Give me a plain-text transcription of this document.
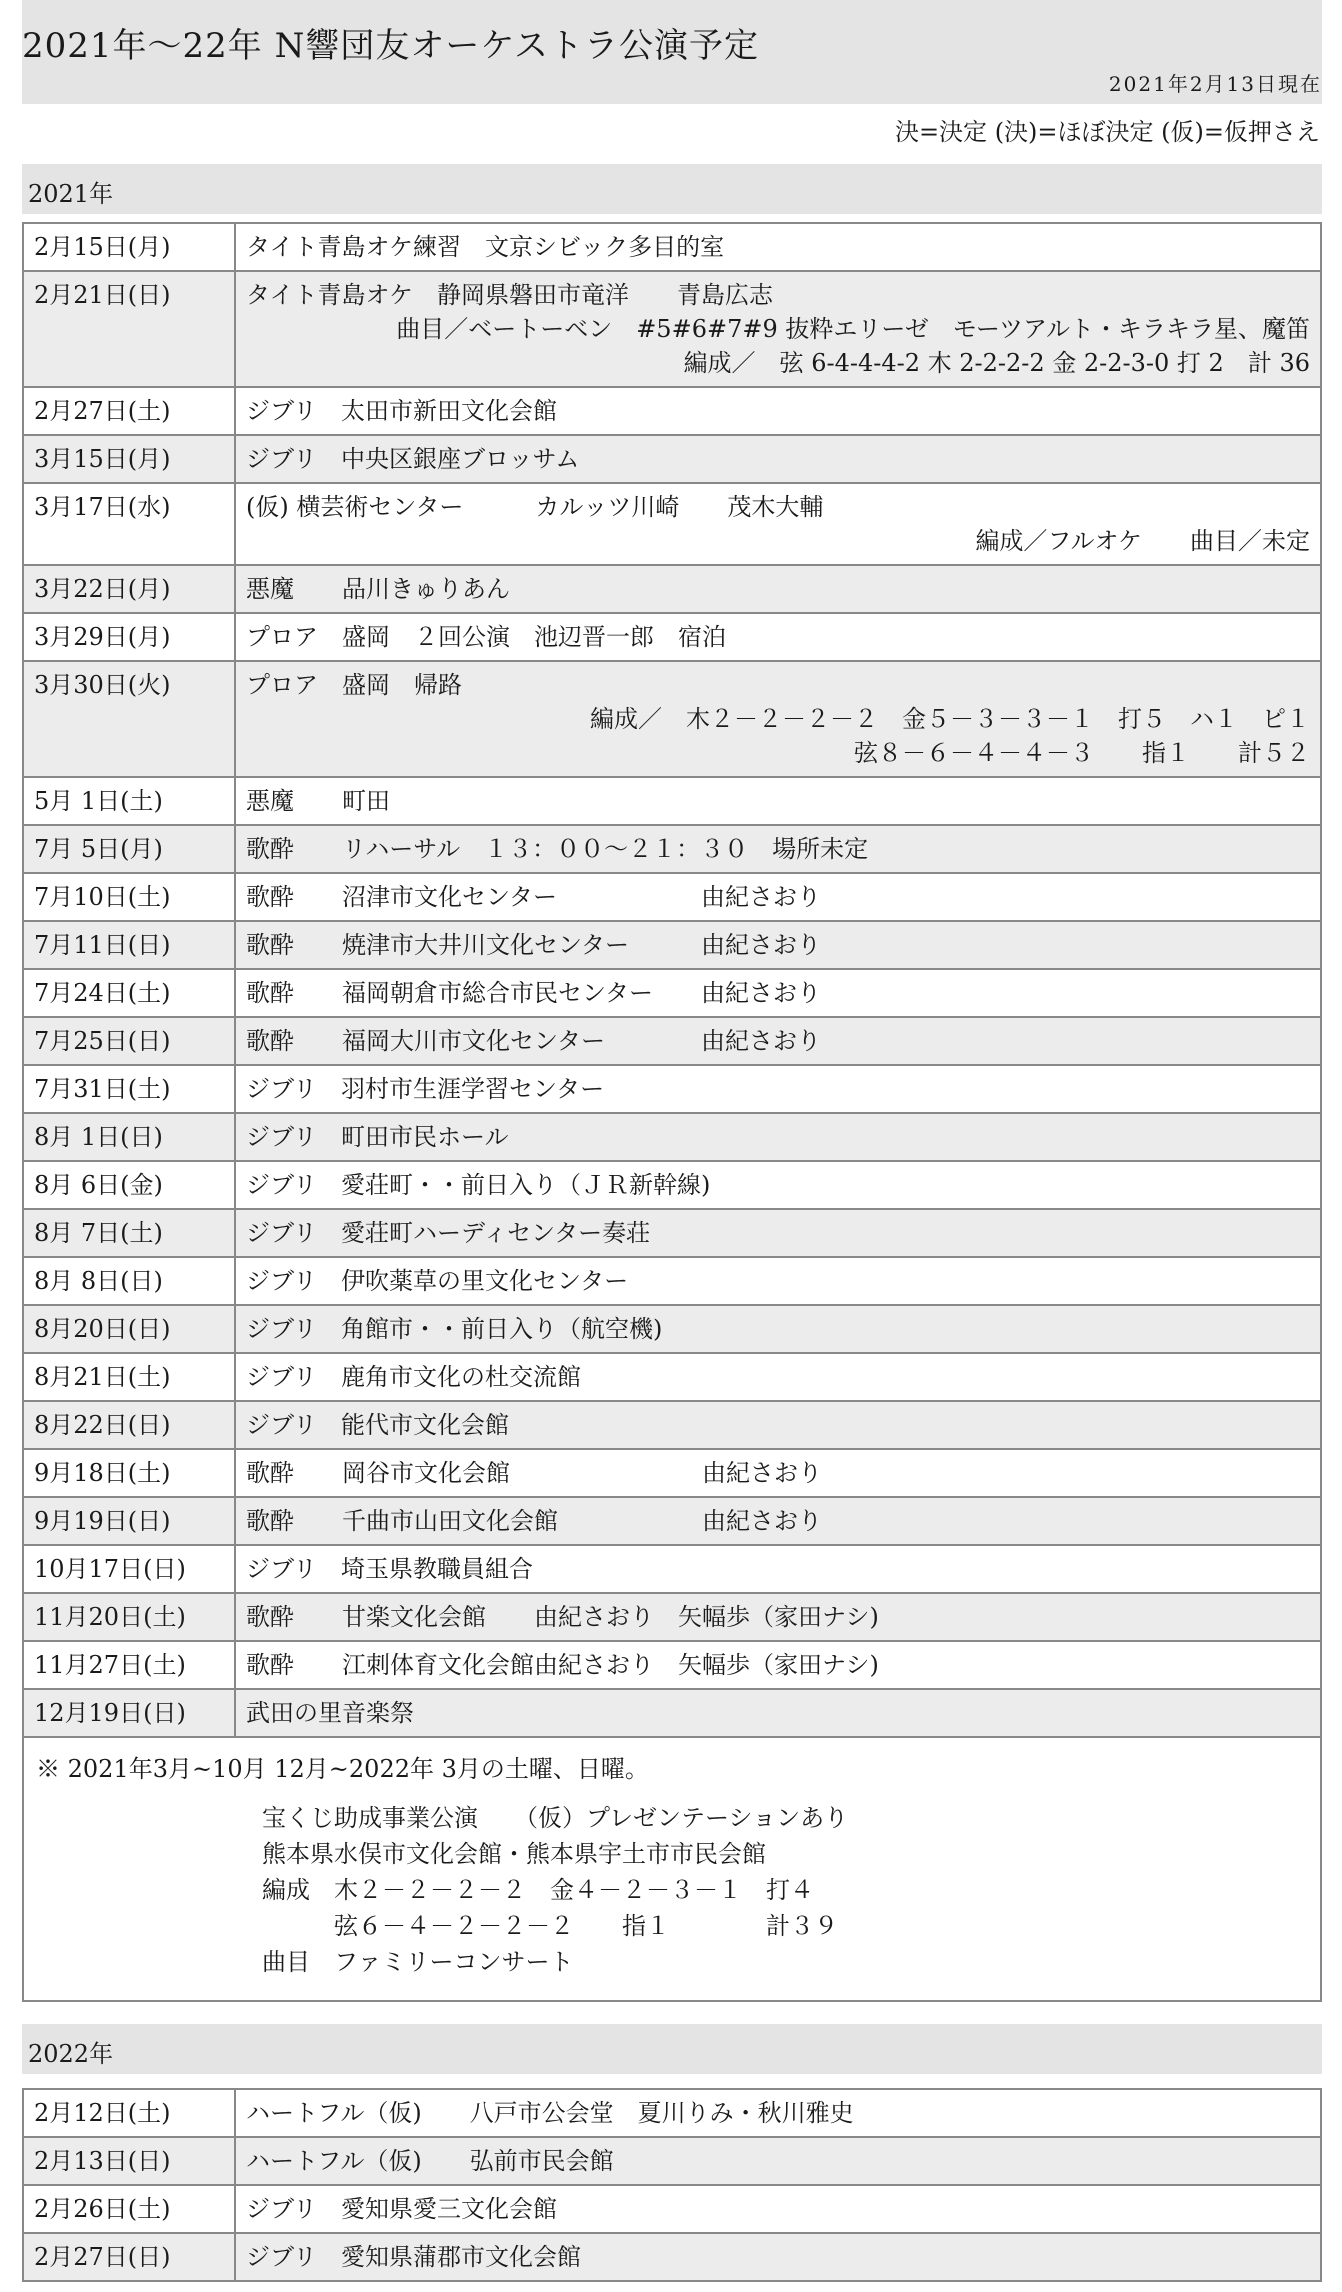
2021年〜22年 N響団友オーケストラ公演予定
2021年2月13日現在
決=決定 (決)=ほぼ決定 (仮)=仮押さえ
2021年
2月15日(月)	タイト青島オケ練習　文京シビック多目的室

2月21日(日)	タイト青島オケ　静岡県磐田市竜洋　　青島広志
曲目／ベートーベン　#5#6#7#9 抜粋エリーゼ　モーツアルト・キラキラ星、魔笛
編成／　弦 6-4-4-4-2 木 2-2-2-2 金 2-2-3-0 打 2　計 36

2月27日(土)	ジブリ　太田市新田文化会館

3月15日(月)	ジブリ　中央区銀座ブロッサム

3月17日(水)	(仮) 横芸術センター　　　カルッツ川崎　　茂木大輔
編成／フルオケ　　曲目／未定

3月22日(月)	悪魔　　品川きゅりあん

3月29日(月)	プロア　盛岡　２回公演　池辺晋一郎　宿泊

3月30日(火)	プロア　盛岡　帰路
編成／　木２－２－２－２　金５－３－３－１　打５　ハ１　ピ１
弦８－６－４－４－３　　指１　　計５２

5月 1日(土)	悪魔　　町田

7月 5日(月)	歌酔　　リハーサル　１３：００〜２１：３０　場所未定

7月10日(土)	歌酔　　沼津市文化センター　　　　　　由紀さおり

7月11日(日)	歌酔　　焼津市大井川文化センター　　　由紀さおり

7月24日(土)	歌酔　　福岡朝倉市総合市民センター　　由紀さおり

7月25日(日)	歌酔　　福岡大川市文化センター　　　　由紀さおり

7月31日(土)	ジブリ　羽村市生涯学習センター

8月 1日(日)	ジブリ　町田市民ホール

8月 6日(金)	ジブリ　愛荘町・・前日入り（ＪＲ新幹線)

8月 7日(土)	ジブリ　愛荘町ハーディセンター奏荘

8月 8日(日)	ジブリ　伊吹薬草の里文化センター

8月20日(日)	ジブリ　角館市・・前日入り（航空機)

8月21日(土)	ジブリ　鹿角市文化の杜交流館

8月22日(日)	ジブリ　能代市文化会館

9月18日(土)	歌酔　　岡谷市文化会館　　　　　　　　由紀さおり

9月19日(日)	歌酔　　千曲市山田文化会館　　　　　　由紀さおり

10月17日(日)	ジブリ　埼玉県教職員組合

11月20日(土)	歌酔　　甘楽文化会館　　由紀さおり　矢幅歩（家田ナシ)

11月27日(土)	歌酔　　江刺体育文化会館由紀さおり　矢幅歩（家田ナシ)

12月19日(日)	武田の里音楽祭

※ 2021年3月~10月 12月~2022年 3月の土曜、日曜。
宝くじ助成事業公演　　（仮）プレゼンテーションあり
熊本県水俣市文化会館・熊本県宇土市市民会館
編成　木２－２－２－２　金４－２－３－１　打４
　　　弦６－４－２－２－２　　指１　　　　計３９
曲目　ファミリーコンサート
2022年
2月12日(土)	ハートフル（仮)　　八戸市公会堂　夏川りみ・秋川雅史

2月13日(日)	ハートフル（仮)　　弘前市民会館

2月26日(土)	ジブリ　愛知県愛三文化会館

2月27日(日)	ジブリ　愛知県蒲郡市文化会館
